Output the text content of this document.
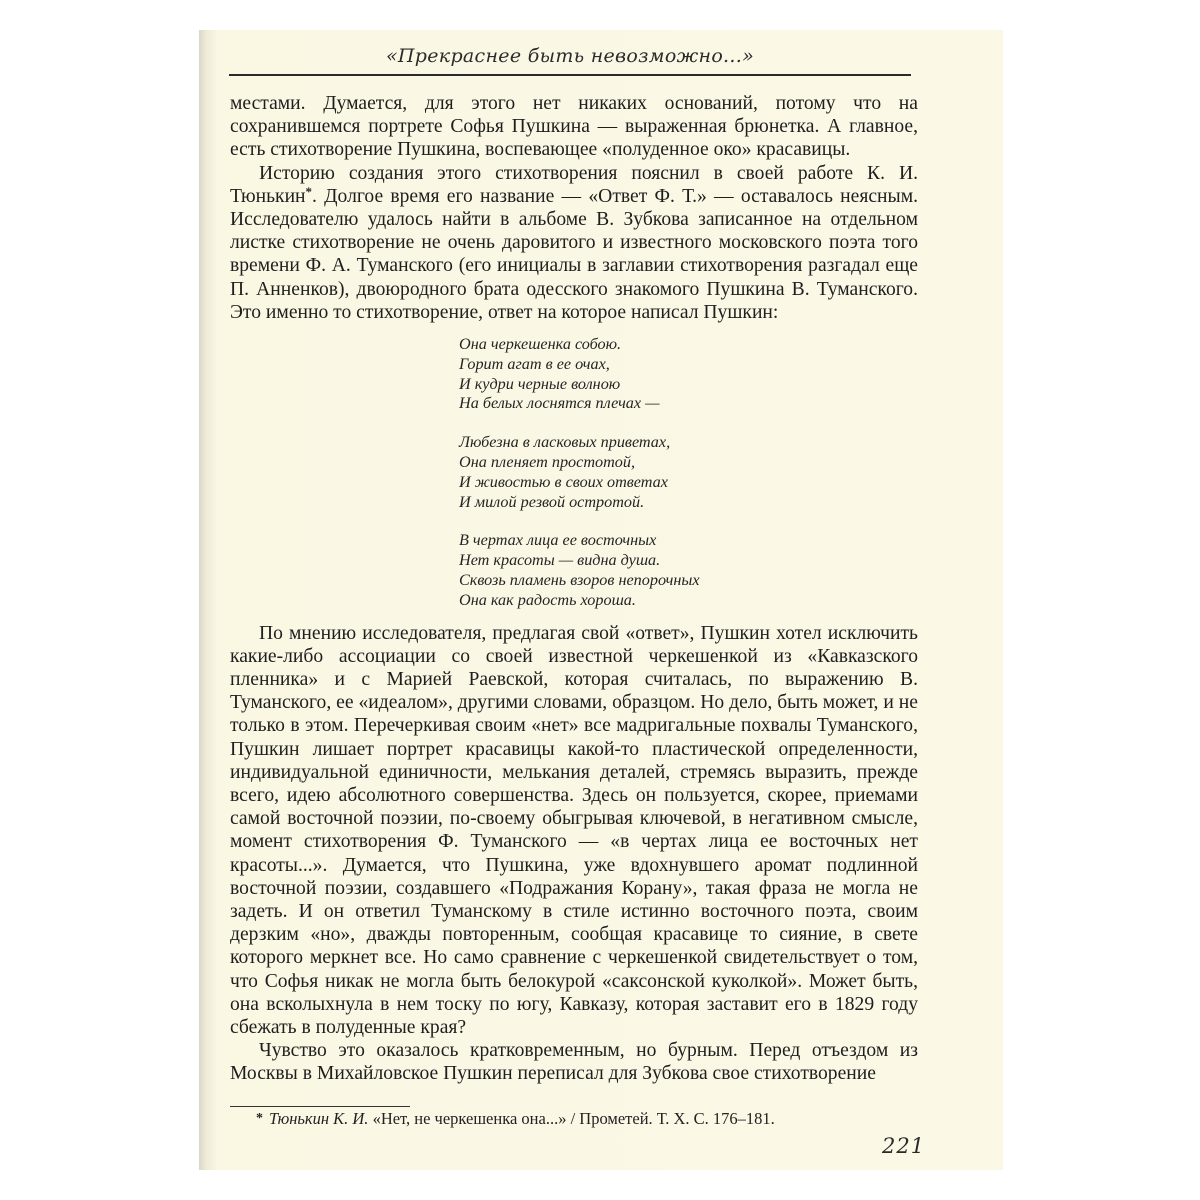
«Прекраснее быть невозможно...»

местами. Думается, для этого нет никаких оснований, потому что на сохранившемся портрете Софья Пушкина — выраженная брюнетка. А главное, есть стихотворение Пушкина, воспевающее «полуденное око» красавицы.

Историю создания этого стихотворения пояснил в своей работе К. И. Тюнькин*. Долгое время его название — «Ответ Ф. Т.» — оставалось неясным. Исследователю удалось найти в альбоме В. Зубкова записанное на отдельном листке стихотворение не очень даровитого и известного московского поэта того времени Ф. А. Туманского (его инициалы в заглавии стихотворения разгадал еще П. Анненков), двоюродного брата одесского знакомого Пушкина В. Туманского. Это именно то стихотворение, ответ на которое написал Пушкин:

Она черкешенка собою.
Горит агат в ее очах,
И кудри черные волною
На белых лоснятся плечах —
Любезна в ласковых приветах,
Она пленяет простотой,
И живостью в своих ответах
И милой резвой остротой.
В чертах лица ее восточных
Нет красоты — видна душа.
Сквозь пламень взоров непорочных
Она как радость хороша.

По мнению исследователя, предлагая свой «ответ», Пушкин хотел исключить какие-либо ассоциации со своей известной черкешенкой из «Кавказского пленника» и с Марией Раевской, которая считалась, по выражению В. Туманского, ее «идеалом», другими словами, образцом. Но дело, быть может, и не только в этом. Перечеркивая своим «нет» все мадригальные похвалы Туманского, Пушкин лишает портрет красавицы какой-то пластической определенности, индивидуальной единичности, мелькания деталей, стремясь выразить, прежде всего, идею абсолютного совершенства. Здесь он пользуется, скорее, приемами самой восточной поэзии, по-своему обыгрывая ключевой, в негативном смысле, момент стихотворения Ф. Туманского — «в чертах лица ее восточных нет красоты...». Думается, что Пушкина, уже вдохнувшего аромат подлинной восточной поэзии, создавшего «Подражания Корану», такая фраза не могла не задеть. И он ответил Туманскому в стиле истинно восточного поэта, своим дерзким «но», дважды повторенным, сообщая красавице то сияние, в свете которого меркнет все. Но само сравнение с черкешенкой свидетельствует о том, что Софья никак не могла быть белокурой «саксонской куколкой». Может быть, она всколыхнула в нем тоску по югу, Кавказу, которая заставит его в 1829 году сбежать в полуденные края?

Чувство это оказалось кратковременным, но бурным. Перед отъездом из Москвы в Михайловское Пушкин переписал для Зубкова свое стихотворение

* Тюнькин К. И. «Нет, не черкешенка она...» / Прометей. Т. X. С. 176–181.
221
